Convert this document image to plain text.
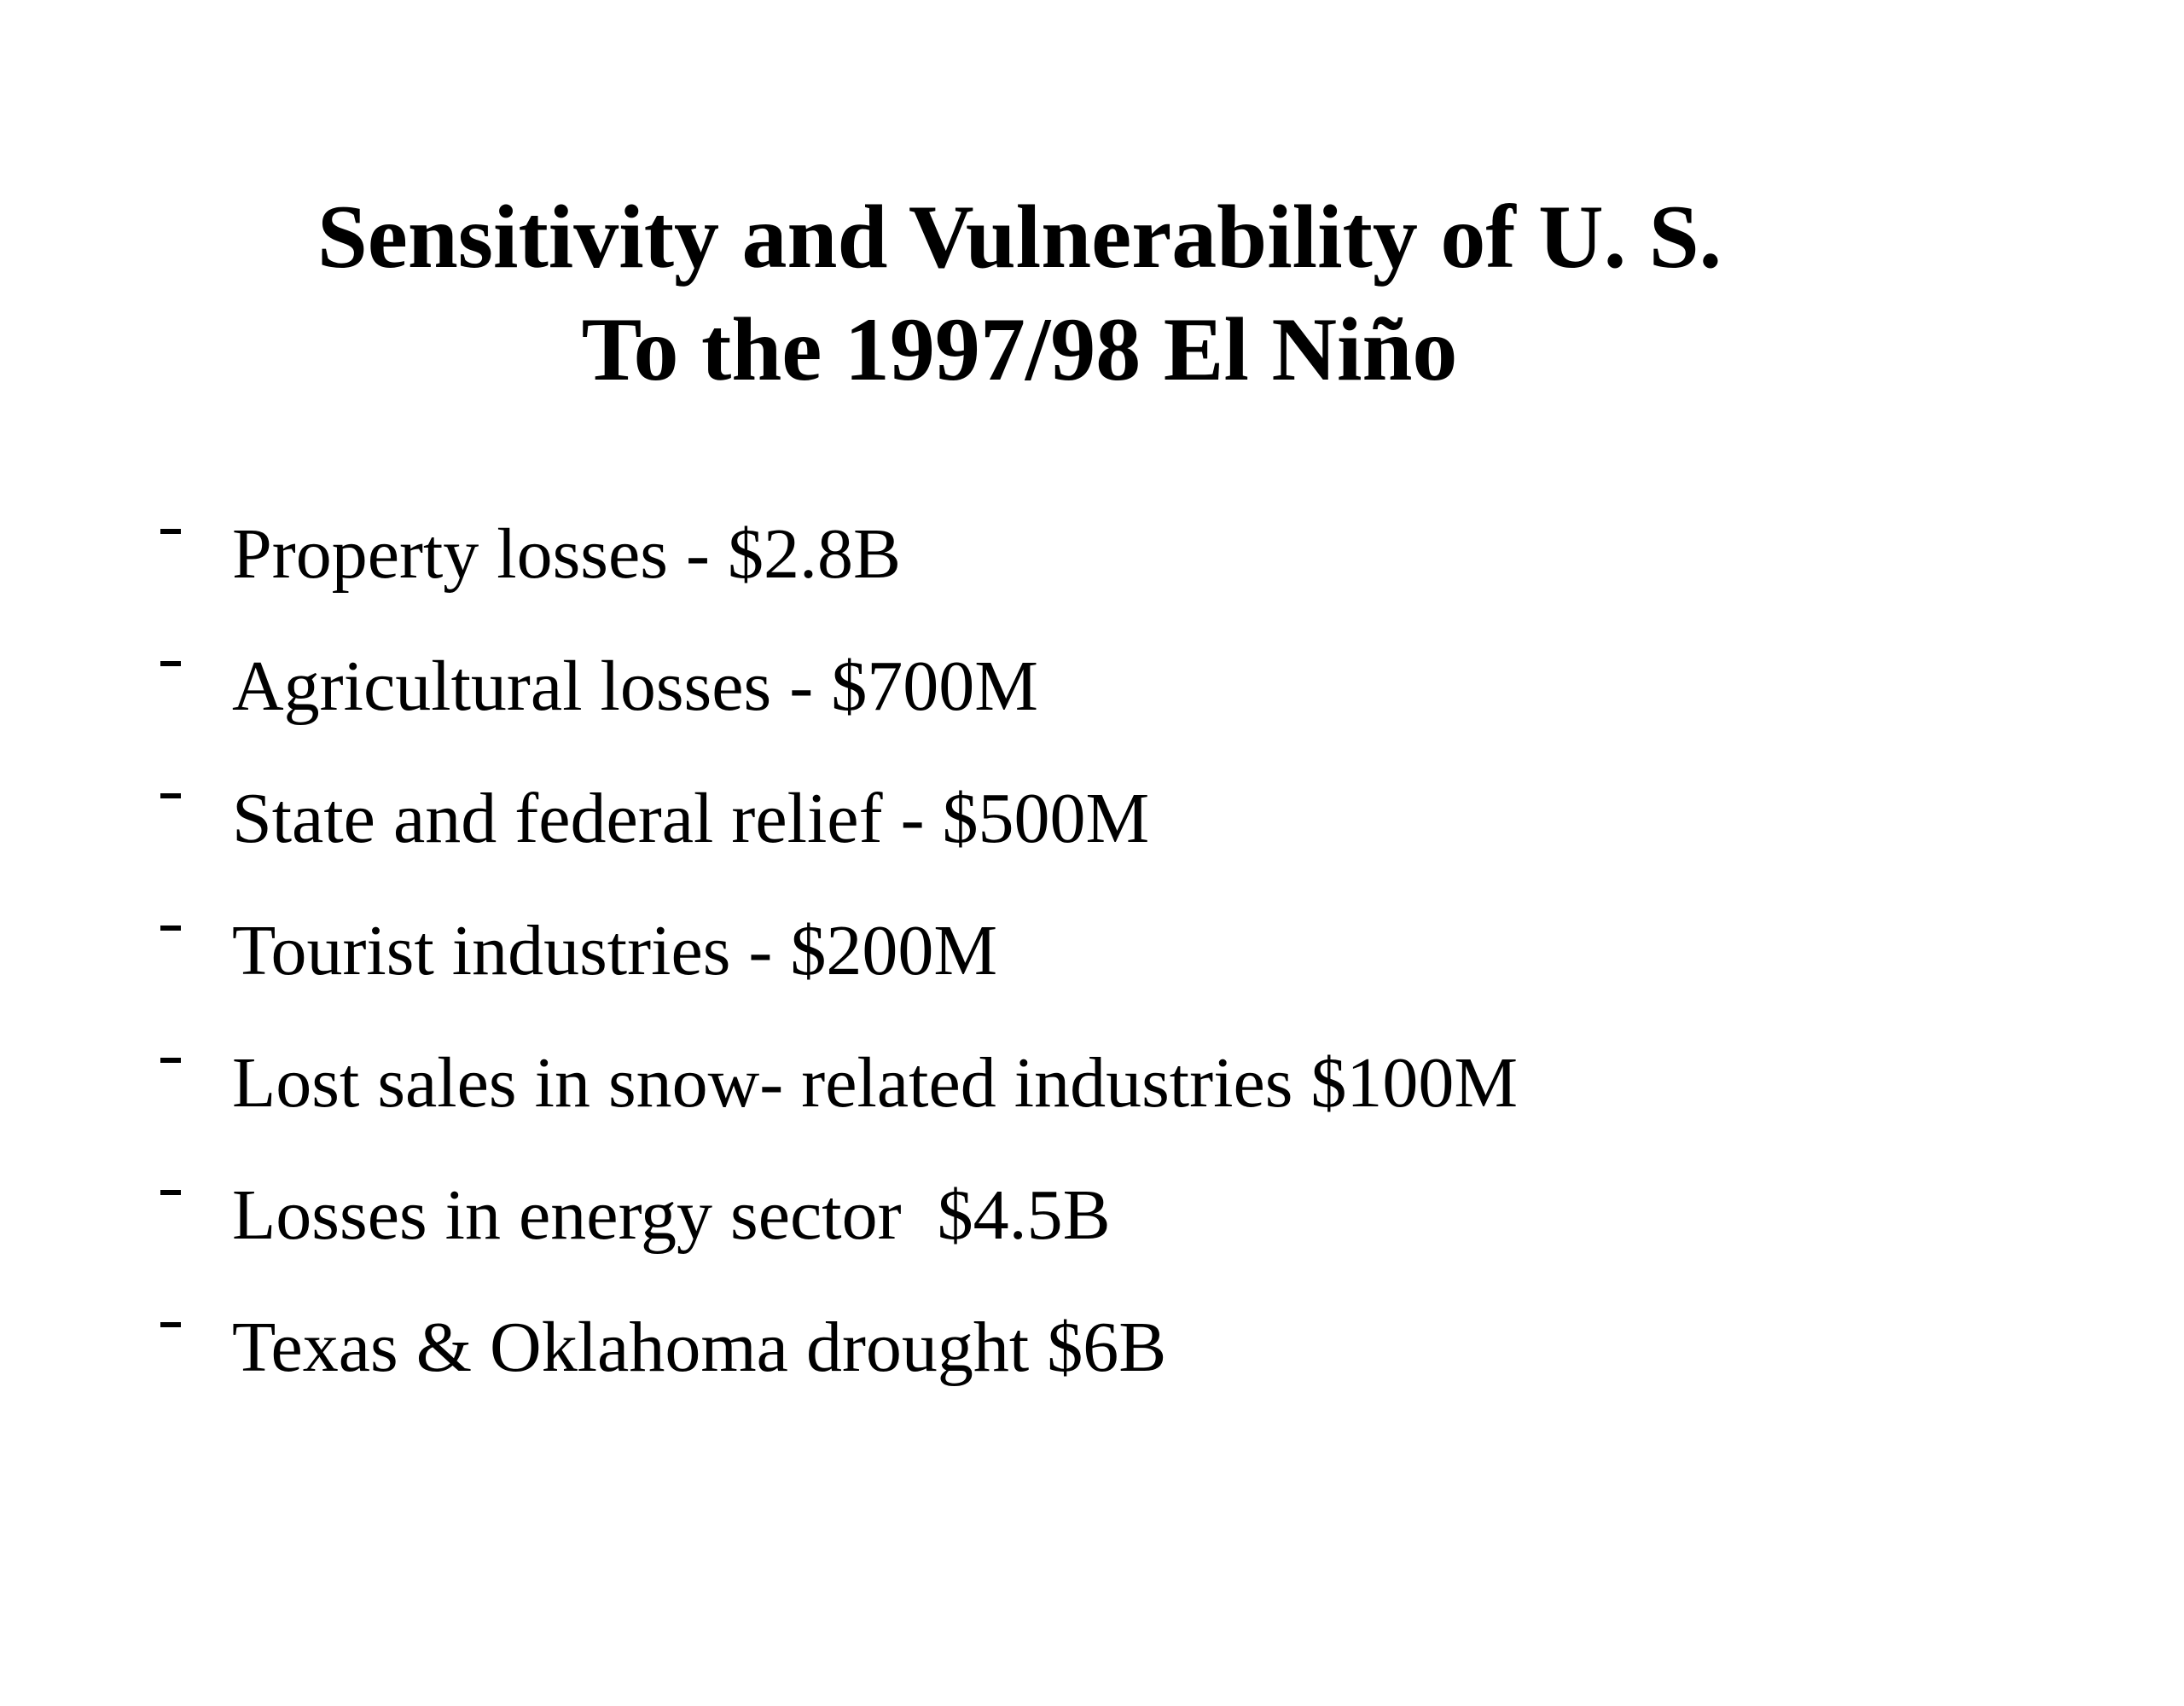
Sensitivity and Vulnerability of U. S.
To the 1997/98 El Niño

Property losses - $2.8B

Agricultural losses - $700M

State and federal relief - $500M

Tourist industries - $200M

Lost sales in snow- related industries $100M

Losses in energy sector  $4.5B

Texas & Oklahoma drought $6B
